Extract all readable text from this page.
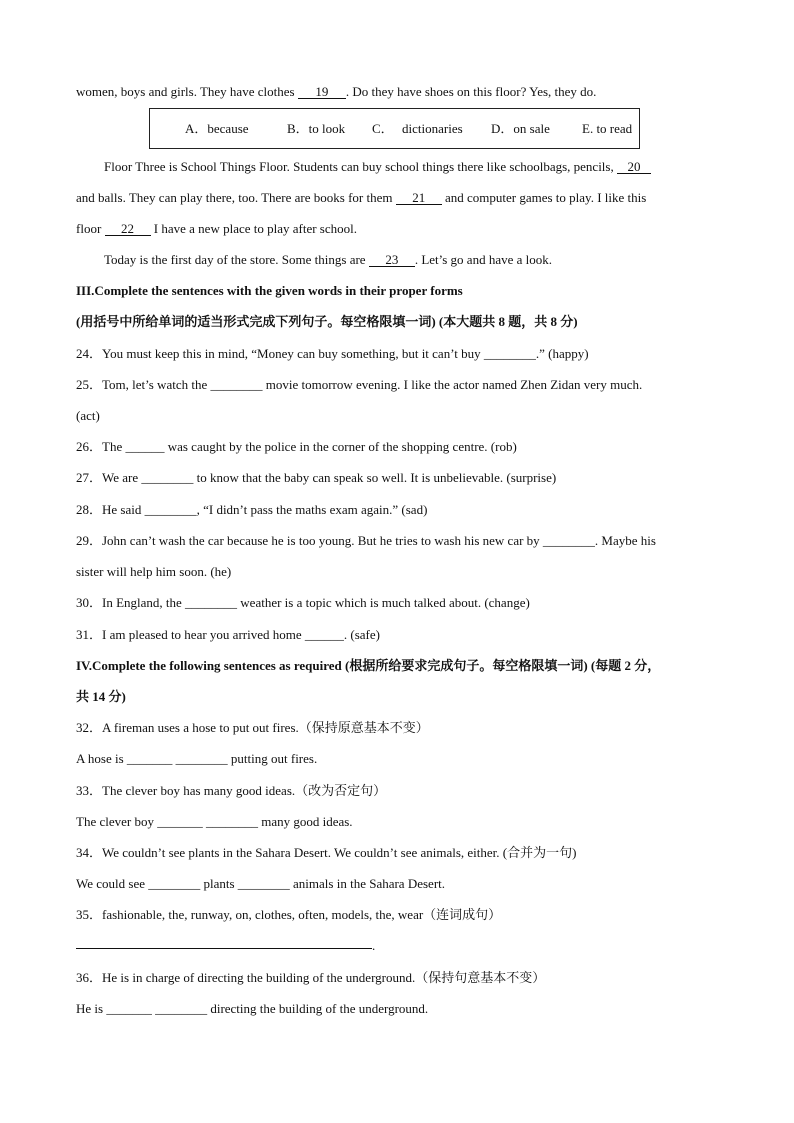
women, boys and girls. They have clothes 19 . Do they have shoes on this floor? Yes, they do.
A．because	B．to look C． dictionaries D．on sale E. to read
Floor Three is School Things Floor. Students can buy school things there like schoolbags, pencils, 20
and balls. They can play there, too. There are books for them 21 and computer games to play. I like this
floor 22 I have a new place to play after school.
Today is the first day of the store. Some things are 23 . Let’s go and have a look.
III.Complete the sentences with the given words in their proper forms
(用括号中所给单词的适当形式完成下列句子。每空格限填一词) (本大题共 8 题，共 8 分)
24．You must keep this in mind, “Money can buy something, but it can’t buy ________.” (happy)
25．Tom, let’s watch the ________ movie tomorrow evening. I like the actor named Zhen Zidan very much.
(act)
26．The ______ was caught by the police in the corner of the shopping centre. (rob)
27．We are ________ to know that the baby can speak so well. It is unbelievable. (surprise)
28．He said ________, “I didn’t pass the maths exam again.” (sad)
29．John can’t wash the car because he is too young. But he tries to wash his new car by ________. Maybe his
sister will help him soon. (he)
30．In England, the ________ weather is a topic which is much talked about. (change)
31．I am pleased to hear you arrived home ______. (safe)
IV.Complete the following sentences as required (根据所给要求完成句子。每空格限填一词) (每题 2 分，
共 14 分)
32．A fireman uses a hose to put out fires.（保持原意基本不变）
A hose is _______ ________ putting out fires.
33．The clever boy has many good ideas.（改为否定句）
The clever boy _______ ________ many good ideas.
34．We couldn’t see plants in the Sahara Desert. We couldn’t see animals, either. (合并为一句)
We could see ________ plants ________ animals in the Sahara Desert.
35．fashionable, the, runway, on, clothes, often, models, the, wear（连词成句）
.
36．He is in charge of directing the building of the underground.（保持句意基本不变）
He is _______ ________ directing the building of the underground.
